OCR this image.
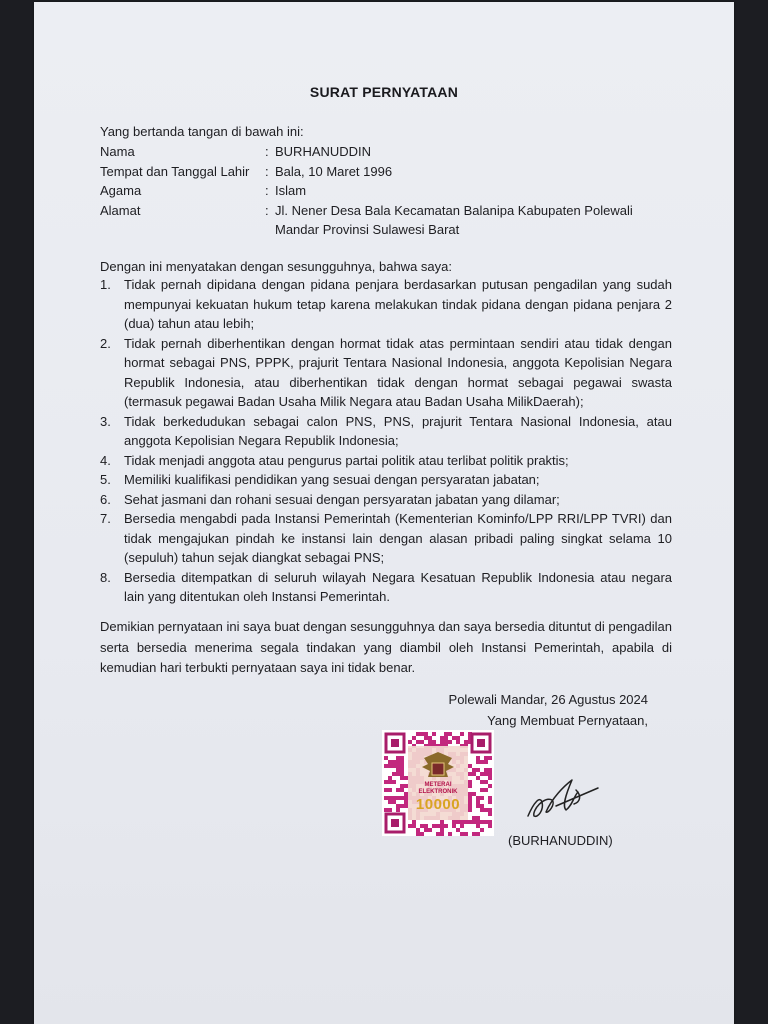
SURAT PERNYATAAN
Yang bertanda tangan di bawah ini:
Nama	: BURHANUDDIN
Tempat dan Tanggal Lahir	: Bala, 10 Maret 1996
Agama	: Islam
Alamat	: Jl. Nener Desa Bala Kecamatan Balanipa Kabupaten Polewali Mandar Provinsi Sulawesi Barat
Dengan ini menyatakan dengan sesungguhnya, bahwa saya:
1.	Tidak pernah dipidana dengan pidana penjara berdasarkan putusan pengadilan yang sudah mempunyai kekuatan hukum tetap karena melakukan tindak pidana dengan pidana penjara 2 (dua) tahun atau lebih;
2.	Tidak pernah diberhentikan dengan hormat tidak atas permintaan sendiri atau tidak dengan hormat sebagai PNS, PPPK, prajurit Tentara Nasional Indonesia, anggota Kepolisian Negara Republik Indonesia, atau diberhentikan tidak dengan hormat sebagai pegawai swasta (termasuk pegawai Badan Usaha Milik Negara atau Badan Usaha MilikDaerah);
3.	Tidak berkedudukan sebagai calon PNS, PNS, prajurit Tentara Nasional Indonesia, atau anggota Kepolisian Negara Republik Indonesia;
4.	Tidak menjadi anggota atau pengurus partai politik atau terlibat politik praktis;
5.	Memiliki kualifikasi pendidikan yang sesuai dengan persyaratan jabatan;
6.	Sehat jasmani dan rohani sesuai dengan persyaratan jabatan yang dilamar;
7.	Bersedia mengabdi pada Instansi Pemerintah (Kementerian Kominfo/LPP RRI/LPP TVRI) dan tidak mengajukan pindah ke instansi lain dengan alasan pribadi paling singkat selama 10 (sepuluh) tahun sejak diangkat sebagai PNS;
8.	Bersedia ditempatkan di seluruh wilayah Negara Kesatuan Republik Indonesia atau negara lain yang ditentukan oleh Instansi Pemerintah.
Demikian pernyataan ini saya buat dengan sesungguhnya dan saya bersedia dituntut di pengadilan serta bersedia menerima segala tindakan yang diambil oleh Instansi Pemerintah, apabila di kemudian hari terbukti pernyataan saya ini tidak benar.
Polewali Mandar, 26 Agustus 2024
Yang Membuat Pernyataan,
METERAI ELEKTRONIK
10000
(BURHANUDDIN)
